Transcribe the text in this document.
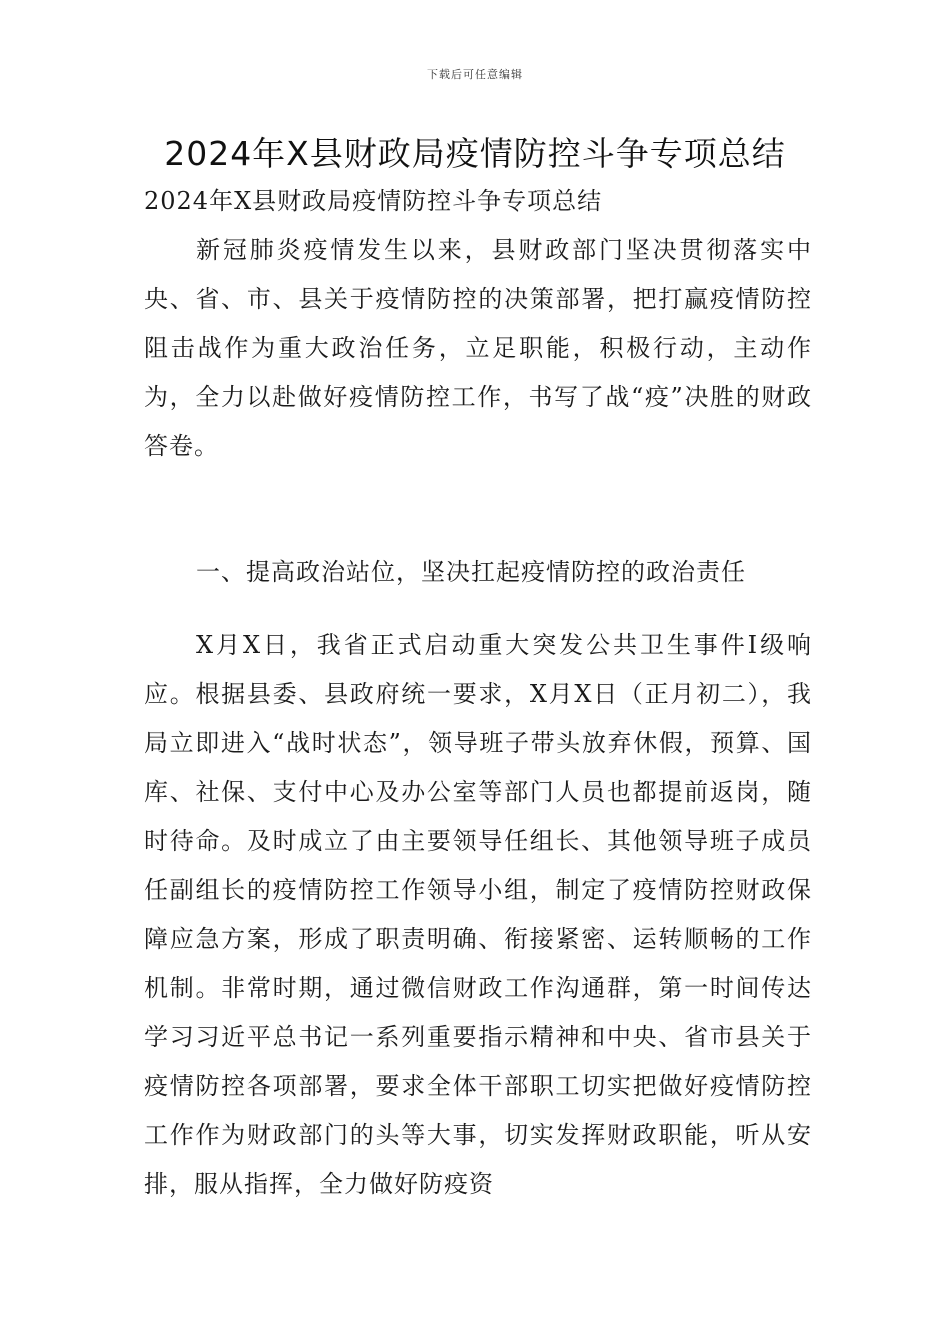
下载后可任意编辑
2024年X县财政局疫情防控斗争专项总结

2024年X县财政局疫情防控斗争专项总结

新冠肺炎疫情发生以来，县财政部门坚决贯彻落实中央、省、市、县关于疫情防控的决策部署，把打赢疫情防控阻击战作为重大政治任务，立足职能，积极行动，主动作为，全力以赴做好疫情防控工作，书写了战“疫”决胜的财政答卷。

一、提高政治站位，坚决扛起疫情防控的政治责任

X月X日，我省正式启动重大突发公共卫生事件Ⅰ级响应。根据县委、县政府统一要求，X月X日（正月初二），我局立即进入“战时状态”，领导班子带头放弃休假，预算、国库、社保、支付中心及办公室等部门人员也都提前返岗，随时待命。及时成立了由主要领导任组长、其他领导班子成员任副组长的疫情防控工作领导小组，制定了疫情防控财政保障应急方案，形成了职责明确、衔接紧密、运转顺畅的工作机制。非常时期，通过微信财政工作沟通群，第一时间传达学习习近平总书记一系列重要指示精神和中央、省市县关于疫情防控各项部署，要求全体干部职工切实把做好疫情防控工作作为财政部门的头等大事，切实发挥财政职能，听从安排，服从指挥，全力做好防疫资
